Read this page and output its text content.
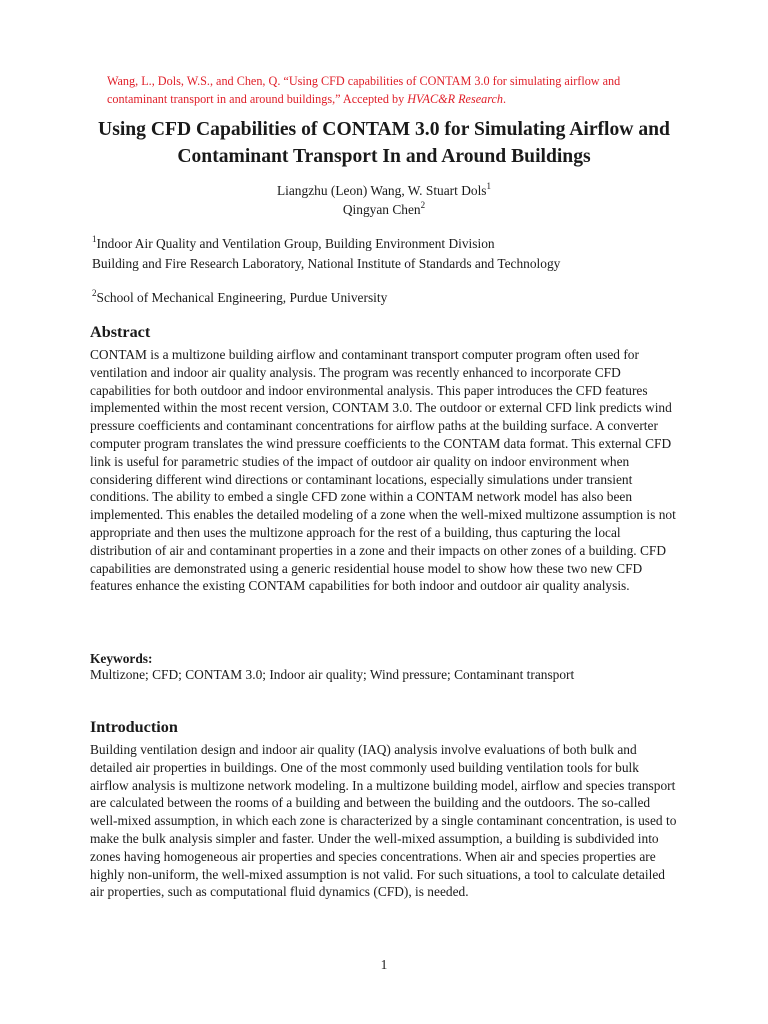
Wang, L., Dols, W.S., and Chen, Q. “Using CFD capabilities of CONTAM 3.0 for simulating airflow and contaminant transport in and around buildings,” Accepted by HVAC&R Research.
Using CFD Capabilities of CONTAM 3.0 for Simulating Airflow and Contaminant Transport In and Around Buildings
Liangzhu (Leon) Wang, W. Stuart Dols$^1$
Qingyan Chen$^2$
$^1$Indoor Air Quality and Ventilation Group, Building Environment Division
Building and Fire Research Laboratory, National Institute of Standards and Technology
$^2$School of Mechanical Engineering, Purdue University
Abstract
CONTAM is a multizone building airflow and contaminant transport computer program often used for ventilation and indoor air quality analysis. The program was recently enhanced to incorporate CFD capabilities for both outdoor and indoor environmental analysis. This paper introduces the CFD features implemented within the most recent version, CONTAM 3.0. The outdoor or external CFD link predicts wind pressure coefficients and contaminant concentrations for airflow paths at the building surface. A converter computer program translates the wind pressure coefficients to the CONTAM data format. This external CFD link is useful for parametric studies of the impact of outdoor air quality on indoor environment when considering different wind directions or contaminant locations, especially simulations under transient conditions. The ability to embed a single CFD zone within a CONTAM network model has also been implemented. This enables the detailed modeling of a zone when the well-mixed multizone assumption is not appropriate and then uses the multizone approach for the rest of a building, thus capturing the local distribution of air and contaminant properties in a zone and their impacts on other zones of a building. CFD capabilities are demonstrated using a generic residential house model to show how these two new CFD features enhance the existing CONTAM capabilities for both indoor and outdoor air quality analysis.
Keywords:
Multizone; CFD; CONTAM 3.0; Indoor air quality; Wind pressure; Contaminant transport
Introduction
Building ventilation design and indoor air quality (IAQ) analysis involve evaluations of both bulk and detailed air properties in buildings. One of the most commonly used building ventilation tools for bulk airflow analysis is multizone network modeling. In a multizone building model, airflow and species transport are calculated between the rooms of a building and between the building and the outdoors. The so-called well-mixed assumption, in which each zone is characterized by a single contaminant concentration, is used to make the bulk analysis simpler and faster. Under the well-mixed assumption, a building is subdivided into zones having homogeneous air properties and species concentrations. When air and species properties are highly non-uniform, the well-mixed assumption is not valid. For such situations, a tool to calculate detailed air properties, such as computational fluid dynamics (CFD), is needed.
1
